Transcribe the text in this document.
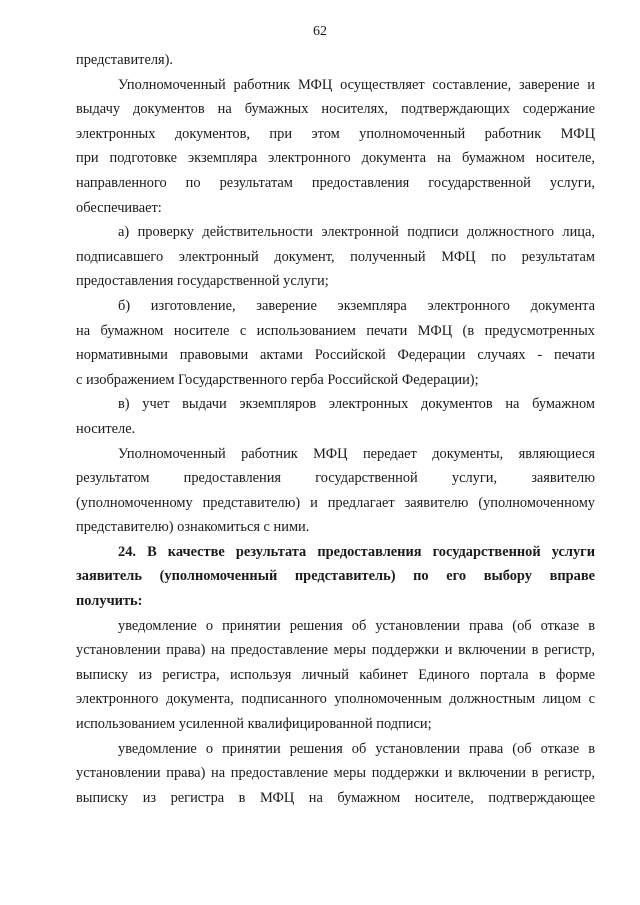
62
представителя).
Уполномоченный работник МФЦ осуществляет составление, заверение и
выдачу документов на бумажных носителях, подтверждающих содержание
электронных документов, при этом уполномоченный работник МФЦ
при подготовке экземпляра электронного документа на бумажном носителе,
направленного по результатам предоставления государственной услуги,
обеспечивает:
а) проверку действительности электронной подписи должностного лица,
подписавшего электронный документ, полученный МФЦ по результатам
предоставления государственной услуги;
б) изготовление, заверение экземпляра электронного документа
на бумажном носителе с использованием печати МФЦ (в предусмотренных
нормативными правовыми актами Российской Федерации случаях - печати
с изображением Государственного герба Российской Федерации);
в) учет выдачи экземпляров электронных документов на бумажном
носителе.
Уполномоченный работник МФЦ передает документы, являющиеся
результатом предоставления государственной услуги, заявителю
(уполномоченному представителю) и предлагает заявителю (уполномоченному
представителю) ознакомиться с ними.
24. В качестве результата предоставления государственной услуги
заявитель (уполномоченный представитель) по его выбору вправе
получить:
уведомление о принятии решения об установлении права (об отказе в
установлении права) на предоставление меры поддержки и включении в регистр,
выписку из регистра, используя личный кабинет Единого портала в форме
электронного документа, подписанного уполномоченным должностным лицом с
использованием усиленной квалифицированной подписи;
уведомление о принятии решения об установлении права (об отказе в
установлении права) на предоставление меры поддержки и включении в регистр,
выписку из регистра в МФЦ на бумажном носителе, подтверждающее
